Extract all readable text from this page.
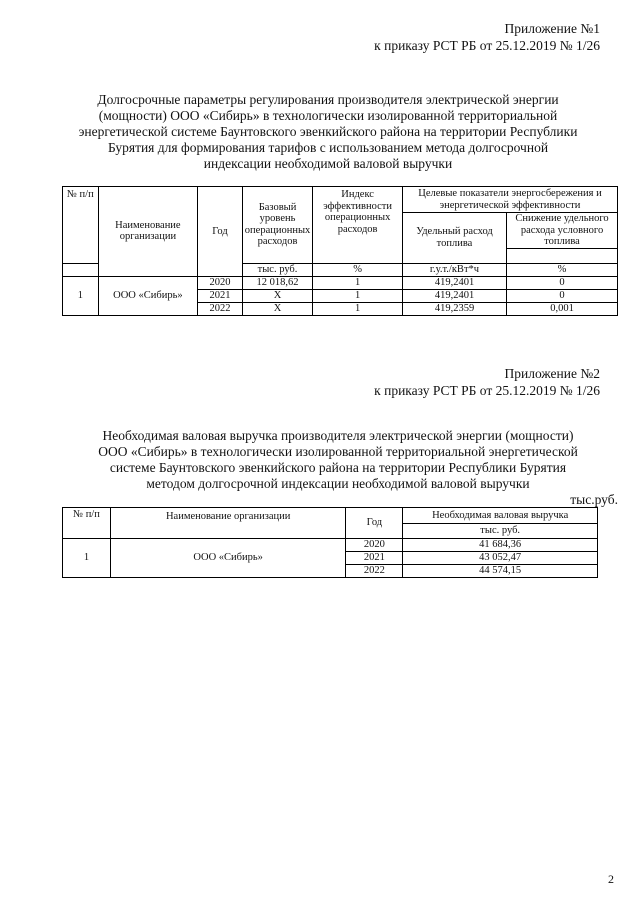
Приложение №1
к приказу РСТ РБ от 25.12.2019 № 1/26
Долгосрочные параметры регулирования производителя электрической энергии (мощности) ООО «Сибирь» в технологически изолированной территориальной энергетической системе Баунтовского эвенкийского района на территории Республики Бурятия для формирования тарифов с использованием метода долгосрочной индексации необходимой валовой выручки
№ п/п	Наименование организации	Год	Базовый уровень операционных расходов	Индекс эффективности операционных расходов	Целевые показатели энергосбережения и энергетической эффективности	
					Удельный расход топлива	Снижение удельного расхода условного топлива

			тыс. руб.	%	г.у.т./кВт*ч	%
1	ООО «Сибирь»	2020	12 018,62	1	419,2401	0
		2021	X	1	419,2401	0
		2022	X	1	419,2359	0,001
Приложение №2
к приказу РСТ РБ от 25.12.2019 № 1/26
Необходимая валовая выручка производителя электрической энергии (мощности) ООО «Сибирь» в технологически изолированной территориальной энергетической системе Баунтовского эвенкийского района на территории Республики Бурятия методом долгосрочной индексации необходимой валовой выручки
тыс.руб.
№ п/п	Наименование организации	Год	Необходимая валовая выручка
			тыс. руб.
1	ООО «Сибирь»	2020	41 684,36
		2021	43 052,47
		2022	44 574,15
2
